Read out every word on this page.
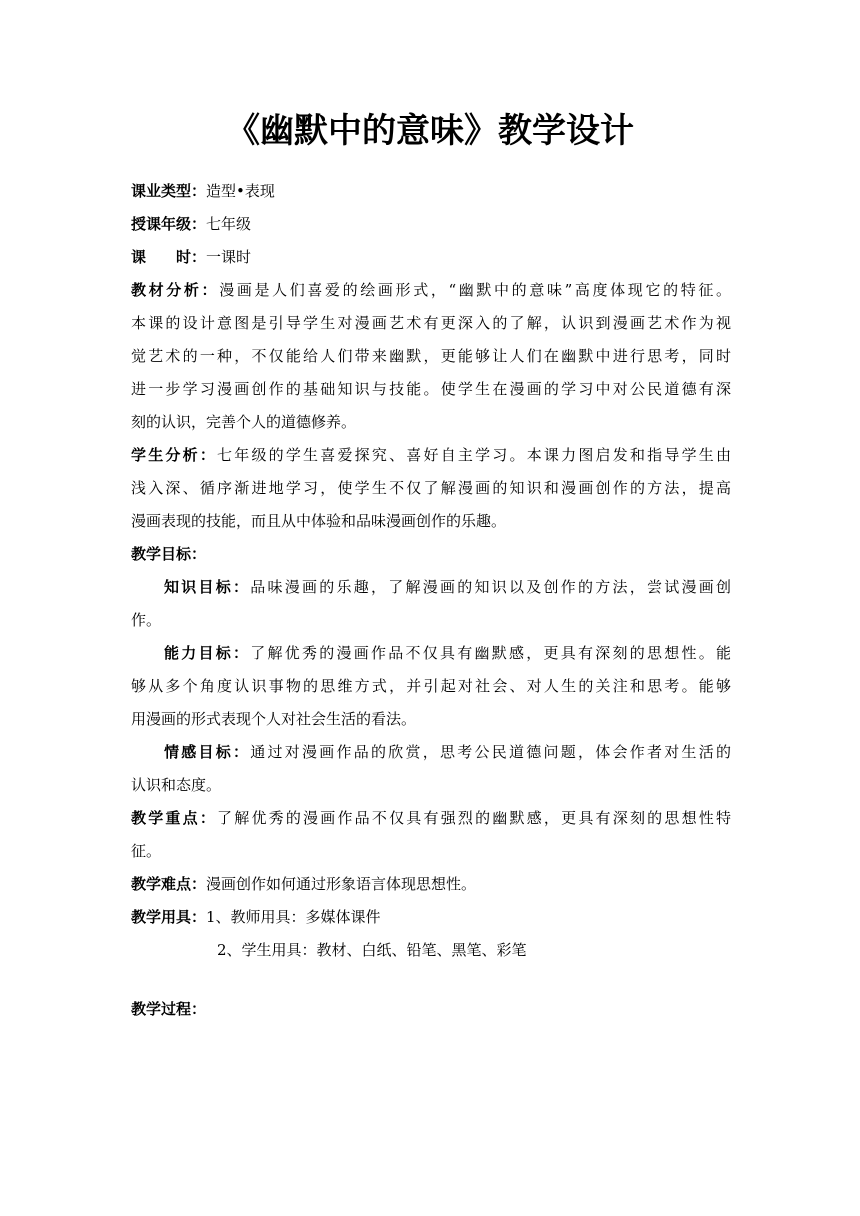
《幽默中的意味》教学设计
课业类型：造型•表现
授课年级：七年级
课　　时：一课时
教材分析：漫画是人们喜爱的绘画形式，“幽默中的意味”高度体现它的特征。
本课的设计意图是引导学生对漫画艺术有更深入的了解，认识到漫画艺术作为视
觉艺术的一种，不仅能给人们带来幽默，更能够让人们在幽默中进行思考，同时
进一步学习漫画创作的基础知识与技能。使学生在漫画的学习中对公民道德有深
刻的认识，完善个人的道德修养。
学生分析：七年级的学生喜爱探究、喜好自主学习。本课力图启发和指导学生由
浅入深、循序渐进地学习，使学生不仅了解漫画的知识和漫画创作的方法，提高
漫画表现的技能，而且从中体验和品味漫画创作的乐趣。
教学目标：
知识目标：品味漫画的乐趣，了解漫画的知识以及创作的方法，尝试漫画创
作。
能力目标：了解优秀的漫画作品不仅具有幽默感，更具有深刻的思想性。能
够从多个角度认识事物的思维方式，并引起对社会、对人生的关注和思考。能够
用漫画的形式表现个人对社会生活的看法。
情感目标：通过对漫画作品的欣赏，思考公民道德问题，体会作者对生活的
认识和态度。
教学重点：了解优秀的漫画作品不仅具有强烈的幽默感，更具有深刻的思想性特
征。
教学难点：漫画创作如何通过形象语言体现思想性。
教学用具：1、教师用具：多媒体课件
2、学生用具：教材、白纸、铅笔、黑笔、彩笔
教学过程：
